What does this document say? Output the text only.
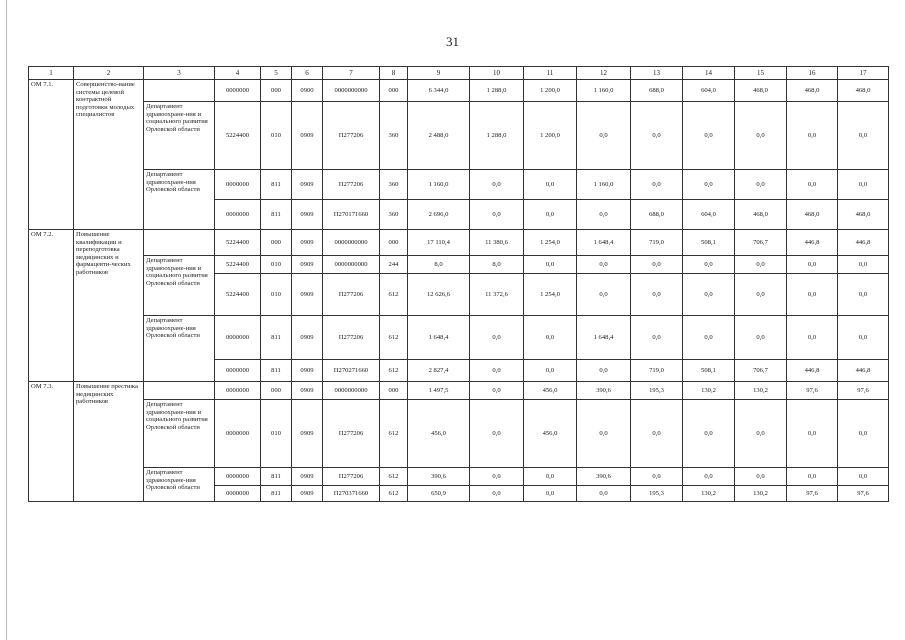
31
1	2	3	4	5	6	7	8	9	10	11	12	13	14	15	16	17
ОМ 7.1.	Совершенство-вание системы целевой контрактной подготовки молодых специалистов		0000000	000	0900	0000000000	000	6 344,0	1 288,0	1 200,0	1 160,0	688,0	604,0	468,0	468,0	468,0
		Департамент здравоохране-ния и социального развития Орловской области	5224400	010	0909	П277206	360	2 488,0	1 288,0	1 200,0	0,0	0,0	0,0	0,0	0,0	0,0
		Департамент здравоохране-ния Орловской области	0000000	811	0909	П277206	360	1 160,0	0,0	0,0	1 160,0	0,0	0,0	0,0	0,0	0,0
			0000000	811	0909	П270171660	360	2 696,0	0,0	0,0	0,0	688,0	604,0	468,0	468,0	468,0
ОМ 7.2.	Повышение квалификации и переподготовка медицинских и фармацевти-ческих работников		5224400	000	0909	0000000000	000	17 110,4	11 380,6	1 254,0	1 648,4	719,0	508,1	706,7	446,8	446,8
		Департамент здравоохране-ния и социального развития Орловской области	5224400	010	0909	0000000000	244	8,0	8,0	0,0	0,0	0,0	0,0	0,0	0,0	0,0
			5224400	010	0909	П277206	612	12 626,6	11 372,6	1 254,0	0,0	0,0	0,0	0,0	0,0	0,0
		Департамент здравоохране-ния Орловской области	0000000	811	0909	П277206	612	1 648,4	0,0	0,0	1 648,4	0,0	0,0	0,0	0,0	0,0
			0000000	811	0909	П270271660	612	2 827,4	0,0	0,0	0,0	719,0	508,1	706,7	446,8	446,8
ОМ 7.3.	Повышение престижа медицинских работников		0000000	000	0909	0000000000	000	1 497,5	0,0	456,0	390,6	195,3	130,2	130,2	97,6	97,6
		Департамент здравоохране-ния и социального развития Орловской области	0000000	010	0909	П277206	612	456,0	0,0	456,0	0,0	0,0	0,0	0,0	0,0	0,0
		Департамент здравоохране-ния Орловской области	0000000	811	0909	П277206	612	390,6	0,0	0,0	390,6	0,0	0,0	0,0	0,0	0,0
			0000000	811	0909	П270371660	612	650,9	0,0	0,0	0,0	195,3	130,2	130,2	97,6	97,6
